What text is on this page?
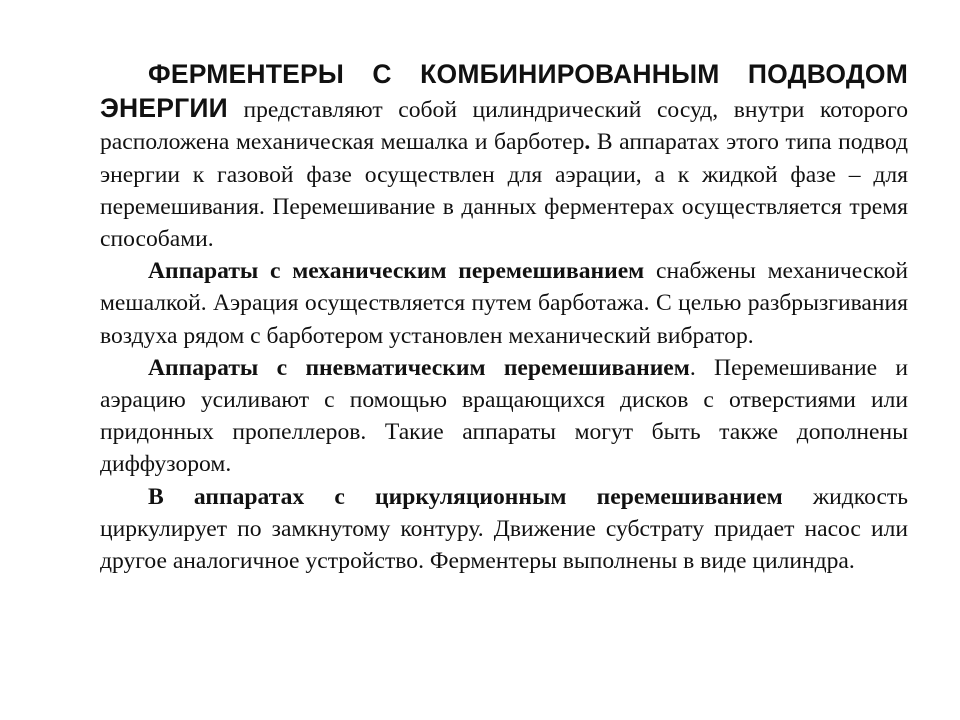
ФЕРМЕНТЕРЫ С КОМБИНИРОВАННЫМ ПОДВОДОМ ЭНЕРГИИ представляют собой цилиндрический сосуд, внутри которого расположена механическая мешалка и барботер. В аппаратах этого типа подвод энергии к газовой фазе осуществлен для аэрации, а к жидкой фазе – для перемешивания. Перемешивание в данных ферментерах осуществляется тремя способами.

Аппараты с механическим перемешиванием снабжены механической мешалкой. Аэрация осуществляется путем барботажа. С целью разбрызгивания воздуха рядом с барботером установлен механический вибратор.

Аппараты с пневматическим перемешиванием. Перемешивание и аэрацию усиливают с помощью вращающихся дисков с отверстиями или придонных пропеллеров. Такие аппараты могут быть также дополнены диффузором.

В аппаратах с циркуляционным перемешиванием жидкость циркулирует по замкнутому контуру. Движение субстрату придает насос или другое аналогичное устройство. Ферментеры выполнены в виде цилиндра.
